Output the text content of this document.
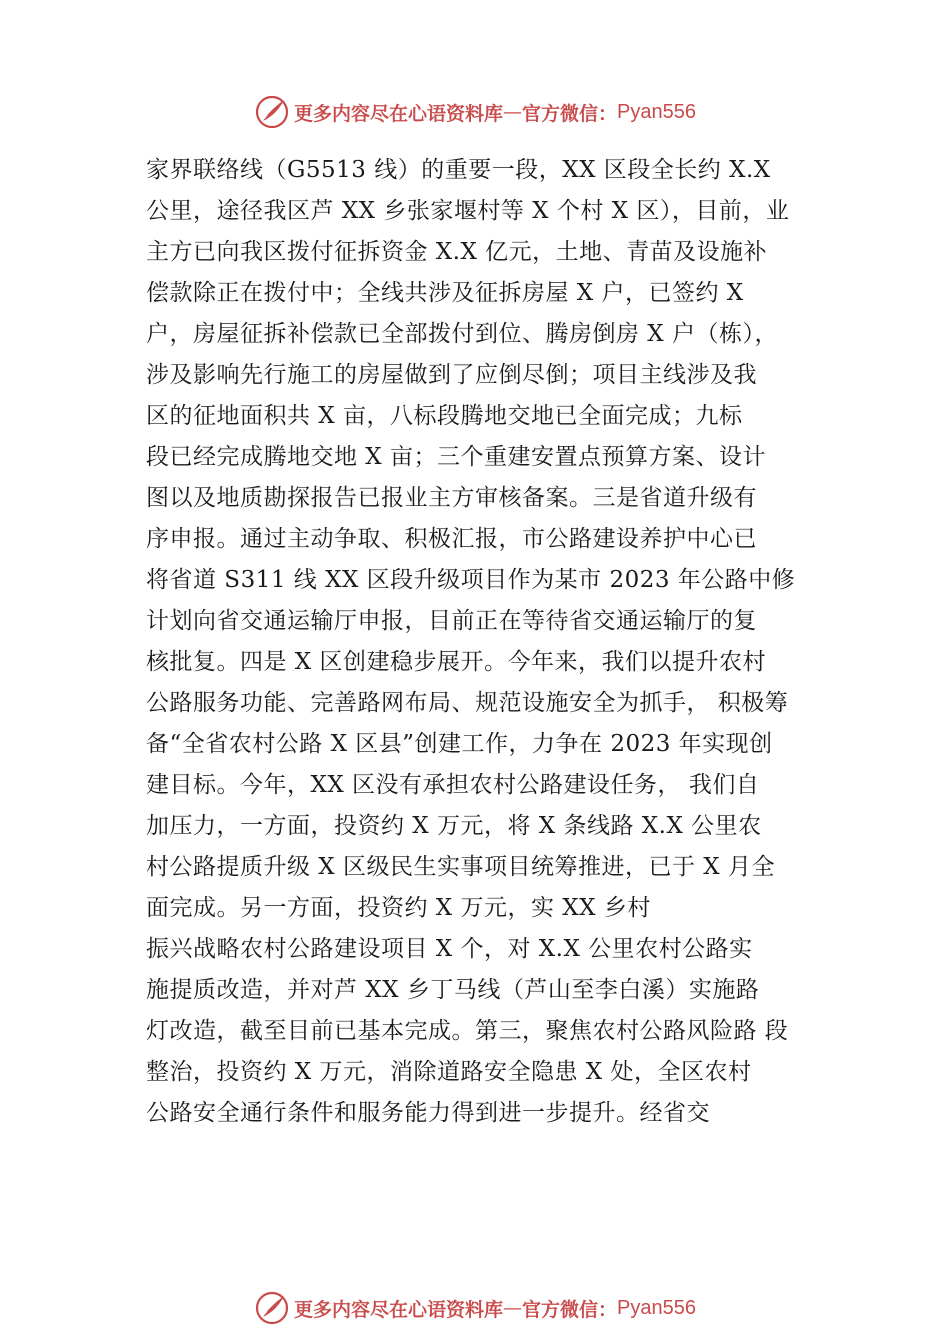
更多内容尽在心语资料库 — 官方微信： Pyan556
家界联络线（G5513 线）的重要一段，XX 区段全长约 X.X
公里，途径我区芦 XX 乡张家堰村等 X 个村 X 区），目前，业
主方已向我区拨付征拆资金 X.X 亿元，土地、青苗及设施补
偿款除正在拨付中；全线共涉及征拆房屋 X 户，已签约 X
户，房屋征拆补偿款已全部拨付到位、腾房倒房 X 户（栋），
涉及影响先行施工的房屋做到了应倒尽倒；项目主线涉及我
区的征地面积共 X 亩，八标段腾地交地已全面完成；九标
段已经完成腾地交地 X 亩；三个重建安置点预算方案、设计
图以及地质勘探报告已报业主方审核备案。三是省道升级有
序申报。通过主动争取、积极汇报，市公路建设养护中心已
将省道 S311 线 XX 区段升级项目作为某市 2023 年公路中修
计划向省交通运输厅申报，目前正在等待省交通运输厅的复
核批复。四是 X 区创建稳步展开。今年来，我们以提升农村
公路服务功能、完善路网布局、规范设施安全为抓手， 积极筹
备“全省农村公路 X 区县”创建工作，力争在 2023 年实现创
建目标。今年，XX 区没有承担农村公路建设任务， 我们自
加压力，一方面，投资约 X 万元，将 X 条线路 X.X 公里农
村公路提质升级 X 区级民生实事项目统筹推进，已于 X 月全
面完成。另一方面，投资约 X 万元，实 XX 乡村
振兴战略农村公路建设项目 X 个，对 X.X 公里农村公路实
施提质改造，并对芦 XX 乡丁马线（芦山至李白溪）实施路
灯改造，截至目前已基本完成。第三，聚焦农村公路风险路 段
整治，投资约 X 万元，消除道路安全隐患 X 处，全区农村
公路安全通行条件和服务能力得到进一步提升。经省交
更多内容尽在心语资料库 — 官方微信： Pyan556
